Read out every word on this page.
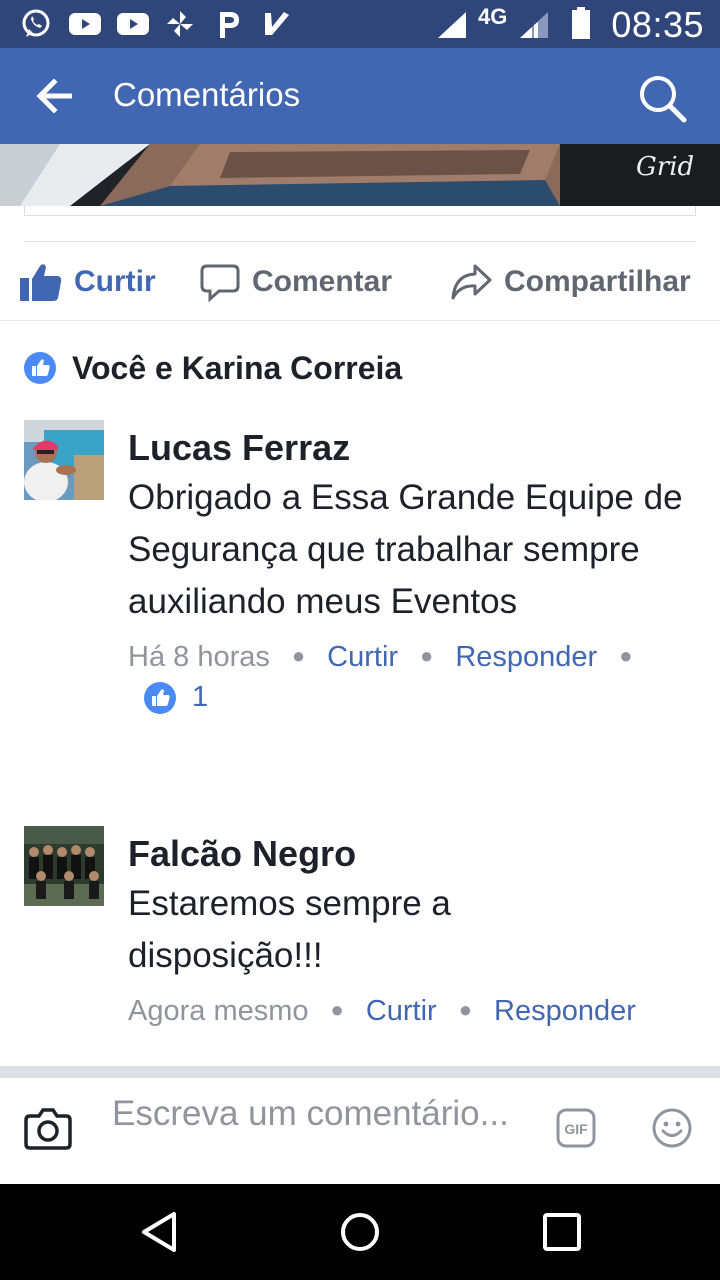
4G	08:35
Comentários
Grid
Curtir	Comentar	Compartilhar
Você e Karina Correia
Lucas Ferraz
Obrigado a Essa Grande Equipe de Segurança que trabalhar sempre auxiliando meus Eventos
Há 8 horas ● Curtir ● Responder ●
1
Falcão Negro
Estaremos sempre a disposição!!!
Agora mesmo ● Curtir ● Responder
Escreva um comentário...	GIF
